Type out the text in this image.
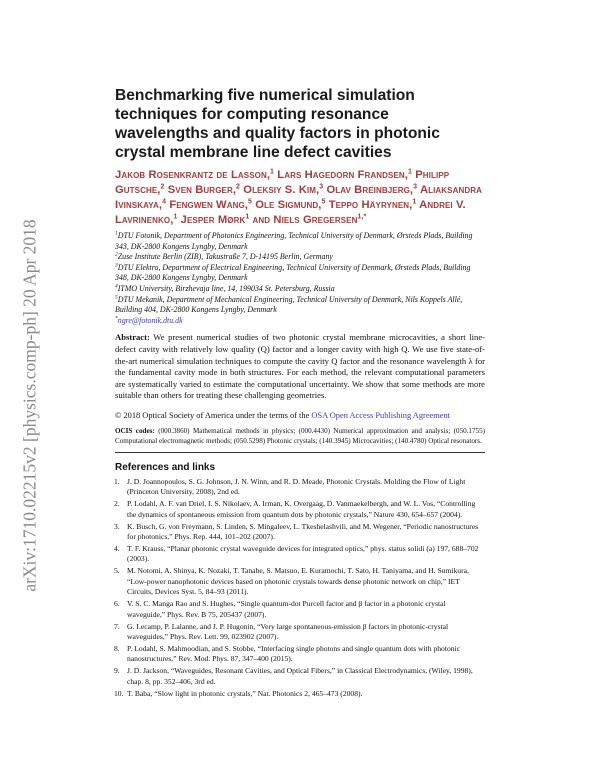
arXiv:1710.02215v2 [physics.comp-ph] 20 Apr 2018
Benchmarking five numerical simulation techniques for computing resonance wavelengths and quality factors in photonic crystal membrane line defect cavities
Jakob Rosenkrantz de Lasson,$^1$ Lars Hagedorn Frandsen,$^1$ Philipp Gutsche,$^2$ Sven Burger,$^2$ Oleksiy S. Kim,$^3$ Olav Breinbjerg,$^3$ Aliaksandra Ivinskaya,$^4$ Fengwen Wang,$^5$ Ole Sigmund,$^5$ Teppo Häyrynen,$^1$ Andrei V. Lavrinenko,$^1$ Jesper Mørk$^1$ and Niels Gregersen$^{1,*}$
$^1$DTU Fotonik, Department of Photonics Engineering, Technical University of Denmark, Ørsteds Plads, Building 343, DK-2800 Kongens Lyngby, Denmark
$^2$Zuse Institute Berlin (ZIB), Takustraße 7, D-14195 Berlin, Germany
$^3$DTU Elektro, Department of Electrical Engineering, Technical University of Denmark, Ørsteds Plads, Building 348, DK-2800 Kongens Lyngby, Denmark
$^4$ITMO University, Birzhevaja line, 14, 199034 St. Petersburg, Russia
$^5$DTU Mekanik, Department of Mechanical Engineering, Technical University of Denmark, Nils Koppels Allé, Building 404, DK-2800 Kongens Lyngby, Denmark
*ngre@fotonik.dtu.dk
Abstract: We present numerical studies of two photonic crystal membrane microcavities, a short line-defect cavity with relatively low quality (Q) factor and a longer cavity with high Q. We use five state-of-the-art numerical simulation techniques to compute the cavity Q factor and the resonance wavelength λ for the fundamental cavity mode in both structures. For each method, the relevant computational parameters are systematically varied to estimate the computational uncertainty. We show that some methods are more suitable than others for treating these challenging geometries.
© 2018 Optical Society of America under the terms of the OSA Open Access Publishing Agreement
OCIS codes: (000.3860) Mathematical methods in physics; (000.4430) Numerical approximation and analysis; (050.1755) Computational electromagnetic methods; (050.5298) Photonic crystals; (140.3945) Microcavities; (140.4780) Optical resonators.
References and links
1. J. D. Joannopoulos, S. G. Johnson, J. N. Winn, and R. D. Meade, Photonic Crystals. Molding the Flow of Light (Princeton University, 2008), 2nd ed.
2. P. Lodahl, A. F. van Driel, I. S. Nikolaev, A. Irman, K. Overgaag, D. Vanmaekelbergh, and W. L. Vos, “Controlling the dynamics of spontaneous emission from quantum dots by photonic crystals,” Nature 430, 654–657 (2004).
3. K. Busch, G. von Freymann, S. Linden, S. Mingaleev, L. Tkeshelashvili, and M. Wegener, “Periodic nanostructures for photonics,” Phys. Rep. 444, 101–202 (2007).
4. T. F. Krauss, “Planar photonic crystal waveguide devices for integrated optics,” phys. status solidi (a) 197, 688–702 (2003).
5. M. Notomi, A. Shinya, K. Nozaki, T. Tanabe, S. Matsuo, E. Kuramochi, T. Sato, H. Taniyama, and H. Sumikura, “Low-power nanophotonic devices based on photonic crystals towards dense photonic network on chip,” IET Circuits, Devices Syst. 5, 84–93 (2011).
6. V. S. C. Manga Rao and S. Hughes, “Single quantum-dot Purcell factor and β factor in a photonic crystal waveguide,” Phys. Rev. B 75, 205437 (2007).
7. G. Lecamp, P. Lalanne, and J. P. Hugonin, “Very large spontaneous-emission β factors in photonic-crystal waveguides,” Phys. Rev. Lett. 99, 023902 (2007).
8. P. Lodahl, S. Mahmoodian, and S. Stobbe, “Interfacing single photons and single quantum dots with photonic nanostructures,” Rev. Mod. Phys. 87, 347–400 (2015).
9. J. D. Jackson, “Waveguides, Resonant Cavities, and Optical Fibers,” in Classical Electrodynamics, (Wiley, 1998), chap. 8, pp. 352–406, 3rd ed.
10. T. Baba, “Slow light in photonic crystals,” Nat. Photonics 2, 465–473 (2008).
